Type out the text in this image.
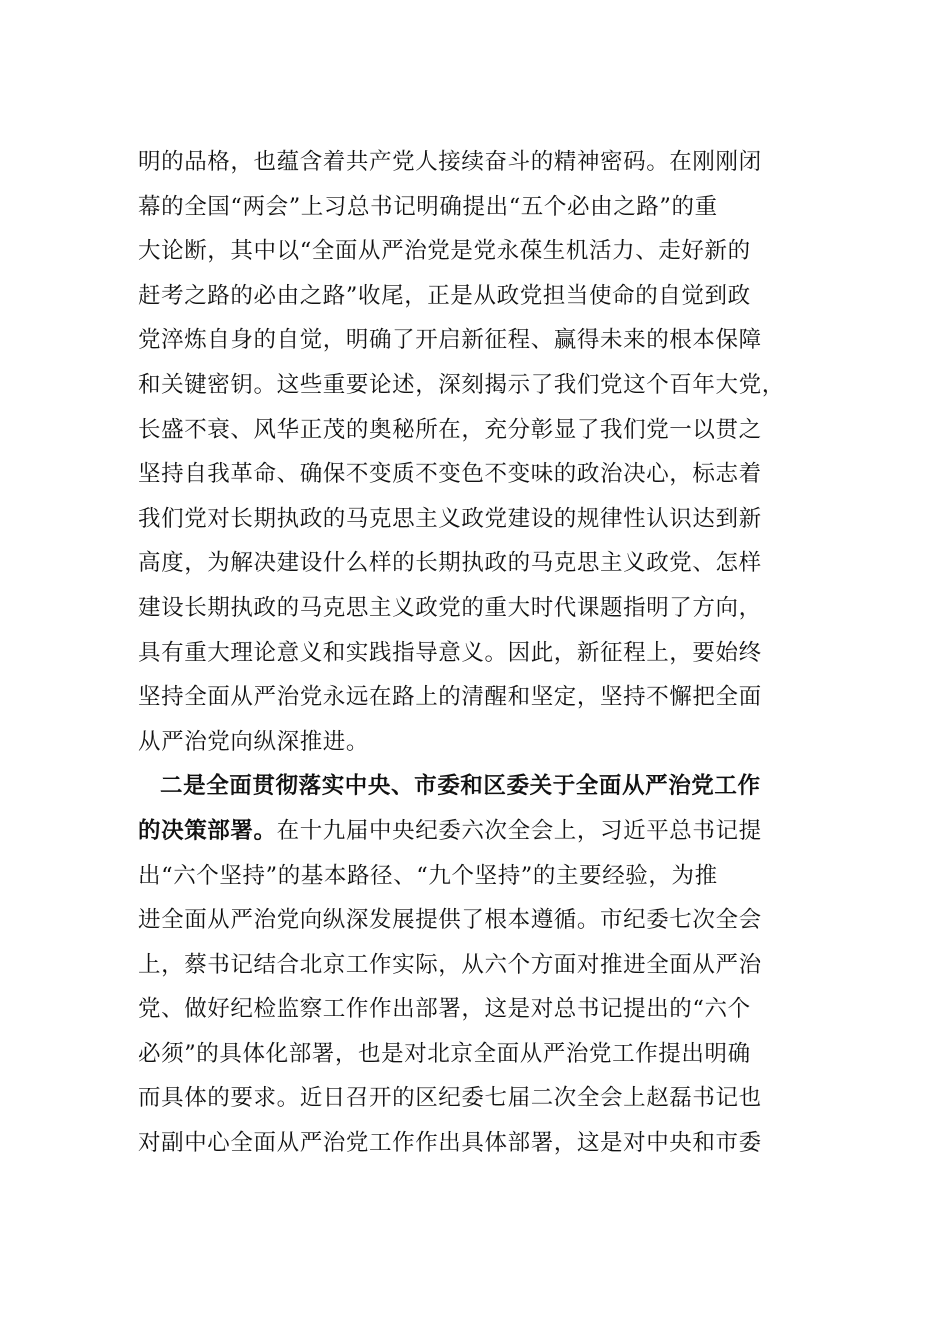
明的品格，也蕴含着共产党人接续奋斗的精神密码。在刚刚闭
幕的全国“两会”上习总书记明确提出“五个必由之路”的重
大论断，其中以“全面从严治党是党永葆生机活力、走好新的
赶考之路的必由之路”收尾，正是从政党担当使命的自觉到政
党淬炼自身的自觉，明确了开启新征程、赢得未来的根本保障
和关键密钥。这些重要论述，深刻揭示了我们党这个百年大党，
长盛不衰、风华正茂的奥秘所在，充分彰显了我们党一以贯之
坚持自我革命、确保不变质不变色不变味的政治决心，标志着
我们党对长期执政的马克思主义政党建设的规律性认识达到新
高度，为解决建设什么样的长期执政的马克思主义政党、怎样
建设长期执政的马克思主义政党的重大时代课题指明了方向，
具有重大理论意义和实践指导意义。因此，新征程上，要始终
坚持全面从严治党永远在路上的清醒和坚定，坚持不懈把全面
从严治党向纵深推进。
二是全面贯彻落实中央、市委和区委关于全面从严治党工作
的决策部署。在十九届中央纪委六次全会上，习近平总书记提
出“六个坚持”的基本路径、“九个坚持”的主要经验，为推
进全面从严治党向纵深发展提供了根本遵循。市纪委七次全会
上，蔡书记结合北京工作实际，从六个方面对推进全面从严治
党、做好纪检监察工作作出部署，这是对总书记提出的“六个
必须”的具体化部署，也是对北京全面从严治党工作提出明确
而具体的要求。近日召开的区纪委七届二次全会上赵磊书记也
对副中心全面从严治党工作作出具体部署，这是对中央和市委
